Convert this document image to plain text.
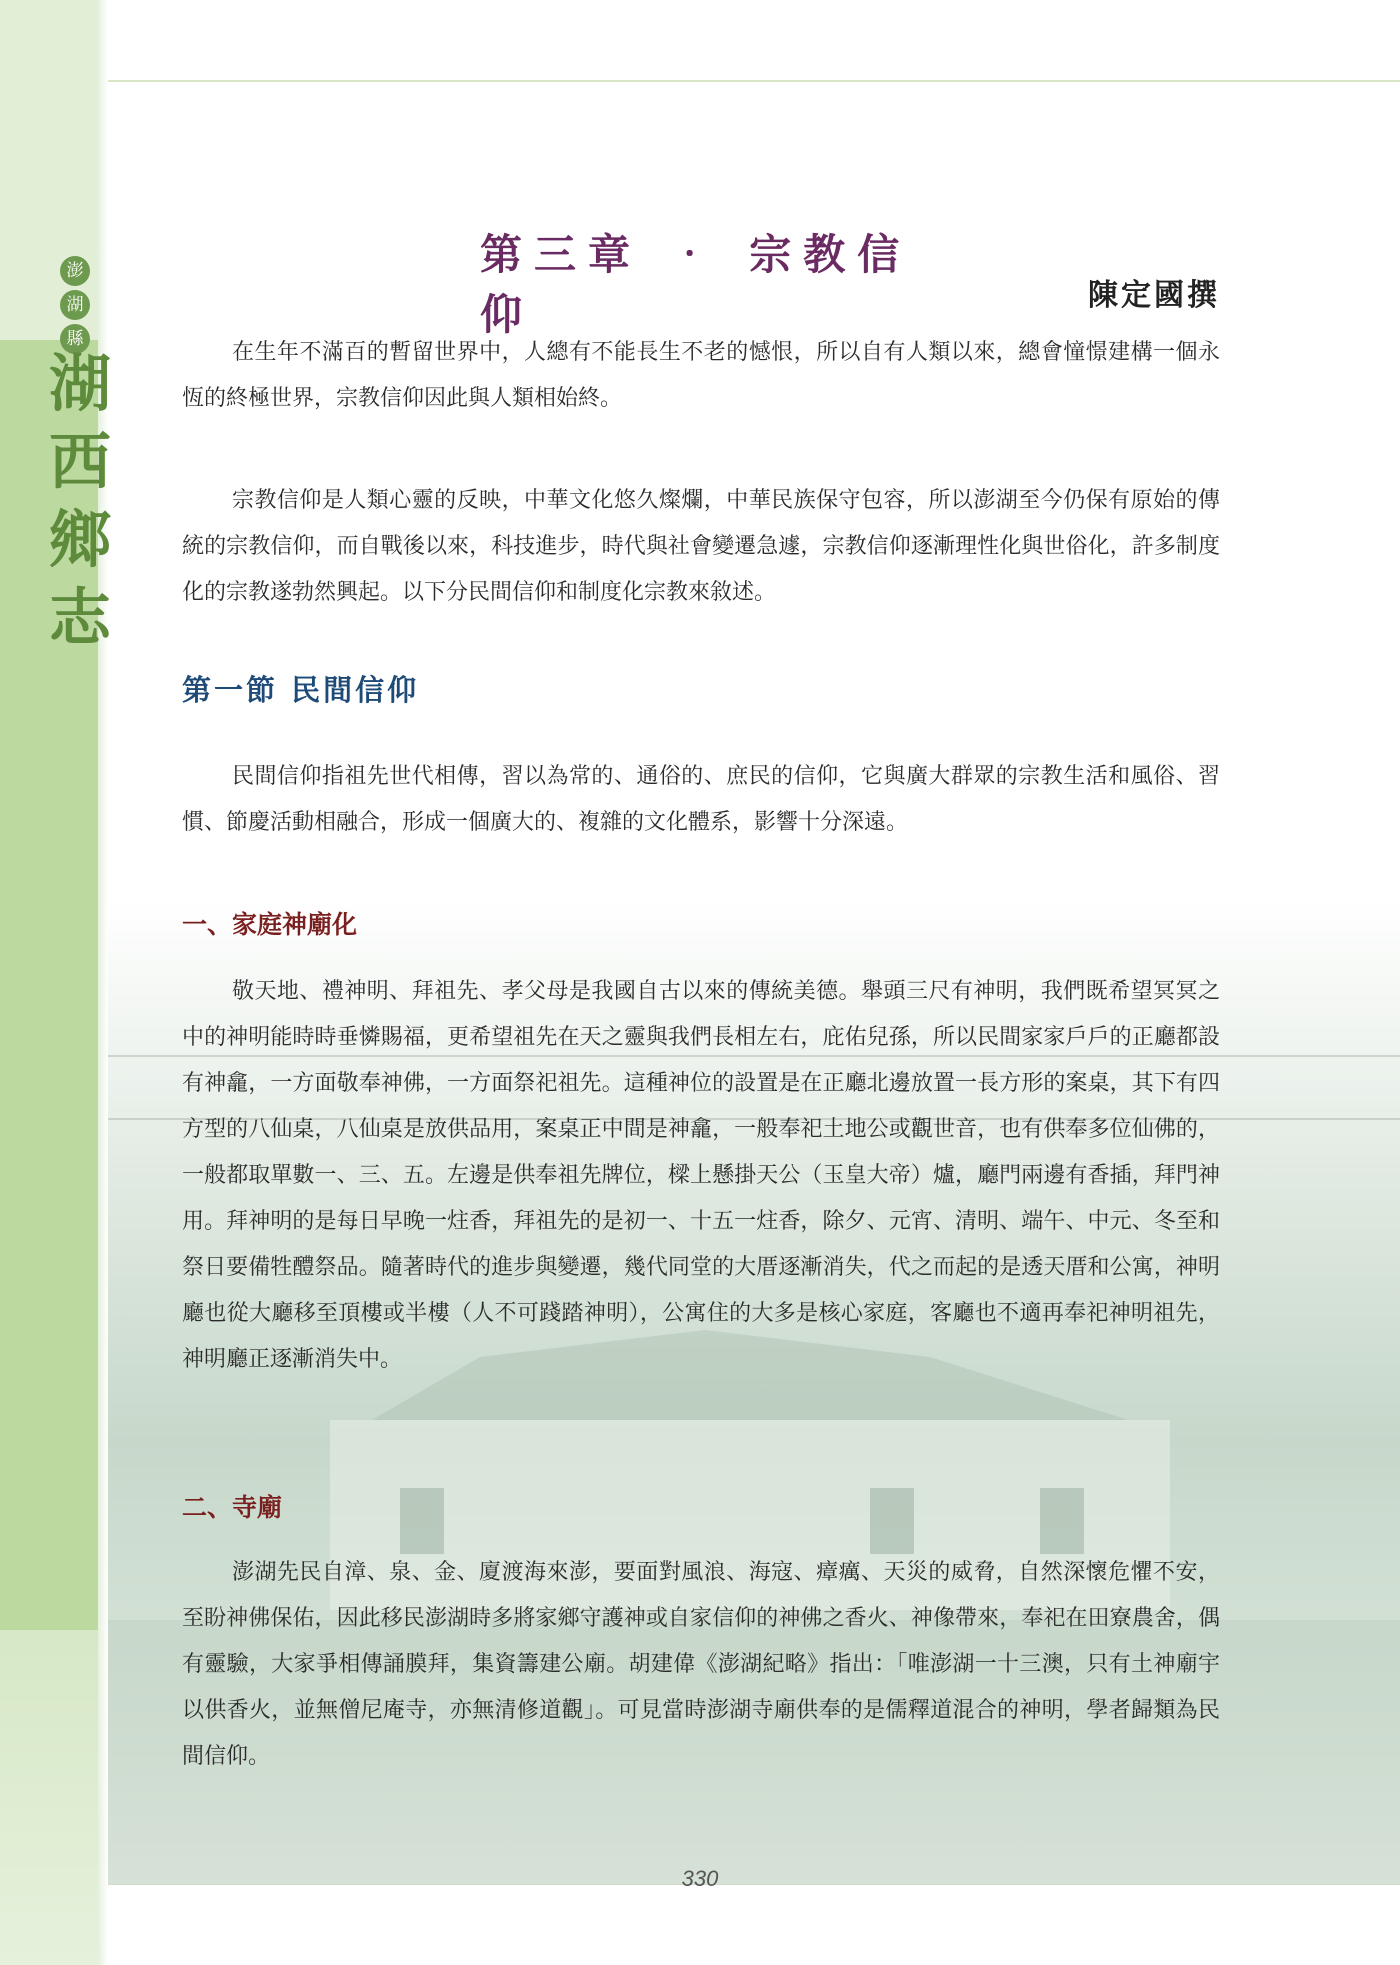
澎
湖
縣
湖
西
鄉
志
第三章 ‧ 宗教信仰	陳定國撰

在生年不滿百的暫留世界中，人總有不能長生不老的憾恨，所以自有人類以來，總會憧憬建構一個永恆的終極世界，宗教信仰因此與人類相始終。

宗教信仰是人類心靈的反映，中華文化悠久燦爛，中華民族保守包容，所以澎湖至今仍保有原始的傳統的宗教信仰，而自戰後以來，科技進步，時代與社會變遷急遽，宗教信仰逐漸理性化與世俗化，許多制度化的宗教遂勃然興起。以下分民間信仰和制度化宗教來敘述。

第一節 民間信仰

民間信仰指祖先世代相傳，習以為常的、通俗的、庶民的信仰，它與廣大群眾的宗教生活和風俗、習慣、節慶活動相融合，形成一個廣大的、複雜的文化體系，影響十分深遠。

一、家庭神廟化

敬天地、禮神明、拜祖先、孝父母是我國自古以來的傳統美德。舉頭三尺有神明，我們既希望冥冥之中的神明能時時垂憐賜福，更希望祖先在天之靈與我們長相左右，庇佑兒孫，所以民間家家戶戶的正廳都設有神龕，一方面敬奉神佛，一方面祭祀祖先。這種神位的設置是在正廳北邊放置一長方形的案桌，其下有四方型的八仙桌，八仙桌是放供品用，案桌正中間是神龕，一般奉祀土地公或觀世音，也有供奉多位仙佛的，一般都取單數一、三、五。左邊是供奉祖先牌位，樑上懸掛天公（玉皇大帝）爐，廳門兩邊有香插，拜門神用。拜神明的是每日早晚一炷香，拜祖先的是初一、十五一炷香，除夕、元宵、清明、端午、中元、冬至和祭日要備牲醴祭品。隨著時代的進步與變遷，幾代同堂的大厝逐漸消失，代之而起的是透天厝和公寓，神明廳也從大廳移至頂樓或半樓（人不可踐踏神明），公寓住的大多是核心家庭，客廳也不適再奉祀神明祖先，神明廳正逐漸消失中。

二、寺廟

澎湖先民自漳、泉、金、廈渡海來澎，要面對風浪、海寇、瘴癘、天災的威脅，自然深懷危懼不安，至盼神佛保佑，因此移民澎湖時多將家鄉守護神或自家信仰的神佛之香火、神像帶來，奉祀在田寮農舍，偶有靈驗，大家爭相傳誦膜拜，集資籌建公廟。胡建偉《澎湖紀略》指出：「唯澎湖一十三澳，只有土神廟宇以供香火，並無僧尼庵寺，亦無清修道觀」。可見當時澎湖寺廟供奉的是儒釋道混合的神明，學者歸類為民間信仰。

330
